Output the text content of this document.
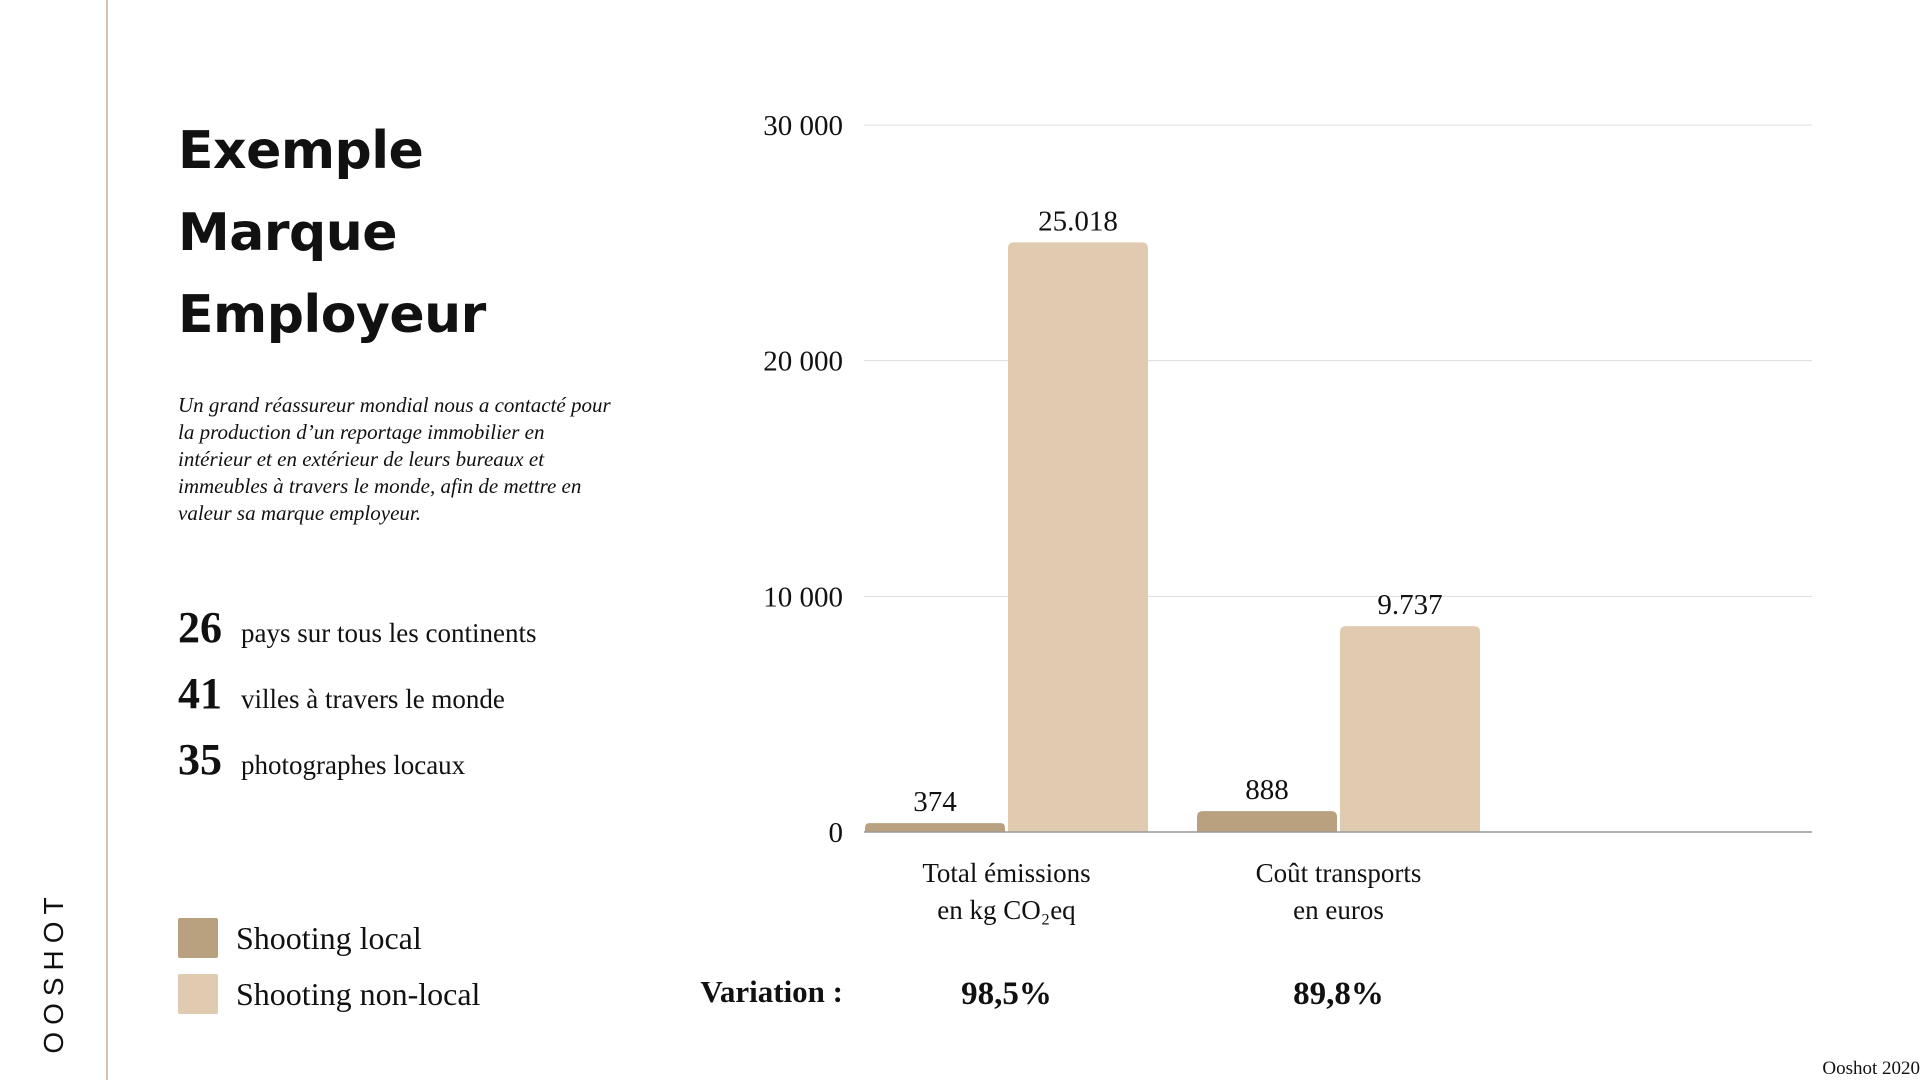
OOSHOT
Exemple
Marque
Employeur

Un grand réassureur mondial nous a contacté pour la production d’un reportage immobilier en intérieur et en extérieur de leurs bureaux et immeubles à travers le monde, afin de mettre en valeur sa marque employeur.

26 pays sur tous les continents
41 villes à travers le monde
35 photographes locaux
Shooting local
Shooting non-local
0
10 000
20 000
30 000
374	888
25.018
9.737
Total émissions
en kg CO₂eq
Coût transports
en euros
Variation :	98,5%	89,8%
Ooshot 2020
